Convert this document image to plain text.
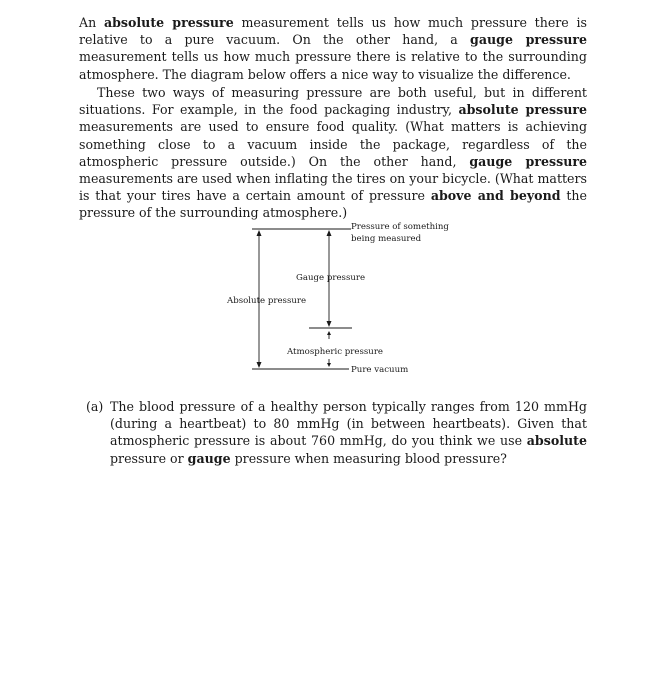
An absolute pressure measurement tells us how much pressure there is relative to a pure vacuum. On the other hand, a gauge pressure measurement tells us how much pressure there is relative to the surrounding atmosphere. The diagram below offers a nice way to visualize the difference.

These two ways of measuring pressure are both useful, but in different situations. For example, in the food packaging industry, absolute pressure measurements are used to ensure food quality. (What matters is achieving something close to a vacuum inside the package, regardless of the atmospheric pressure outside.) On the other hand, gauge pressure measurements are used when inflating the tires on your bicycle. (What matters is that your tires have a certain amount of pressure above and beyond the pressure of the surrounding atmosphere.)

Pressure of something
being measured
Gauge pressure
Absolute pressure
Atmospheric pressure
Pure vacuum
(a) The blood pressure of a healthy person typically ranges from 120 mmHg (during a heartbeat) to 80 mmHg (in between heartbeats). Given that atmospheric pressure is about 760 mmHg, do you think we use absolute pressure or gauge pressure when measuring blood pressure?
